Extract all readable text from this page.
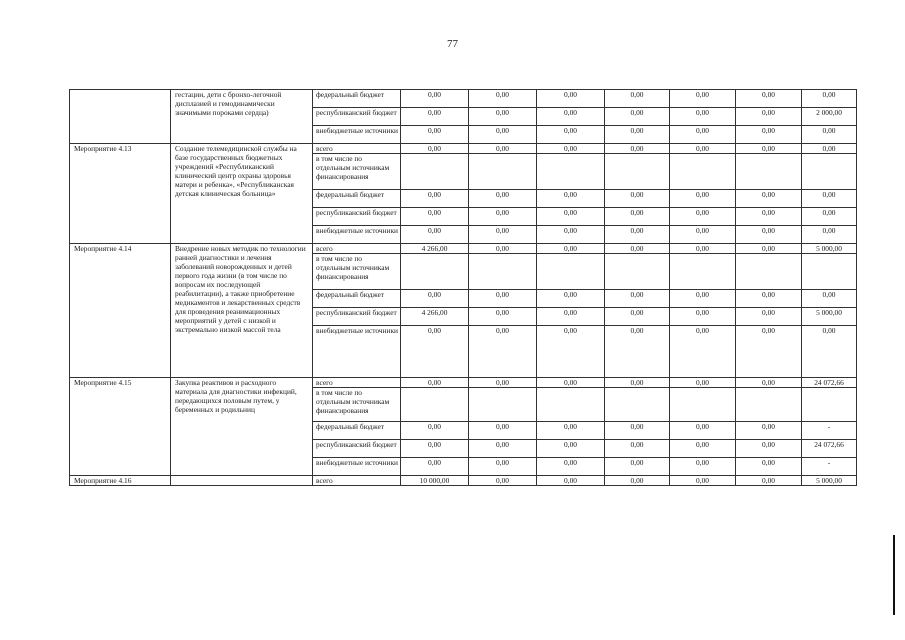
77
	гестации, дети с бронхо-легочной дисплазией и гемодинамически значимыми пороками сердца)	федеральный бюджет	0,00	0,00	0,00	0,00	0,00	0,00	0,00
		республиканский бюджет	0,00	0,00	0,00	0,00	0,00	0,00	2 000,00
		внебюджетные источники	0,00	0,00	0,00	0,00	0,00	0,00	0,00
Мероприятие 4.13	Создание телемедицинской службы на базе государственных бюджетных учреждений «Республиканский клинический центр охраны здоровья матери и ребенка», «Республиканская детская клиническая больница»	всего	0,00	0,00	0,00	0,00	0,00	0,00	0,00
		в том числе по отдельным источникам финансирования							
		федеральный бюджет	0,00	0,00	0,00	0,00	0,00	0,00	0,00
		республиканский бюджет	0,00	0,00	0,00	0,00	0,00	0,00	0,00
		внебюджетные источники	0,00	0,00	0,00	0,00	0,00	0,00	0,00
Мероприятие 4.14	Внедрение новых методик по технологии ранней диагностики и лечения заболеваний новорожденных и детей первого года жизни (в том числе по вопросам их последующей реабилитации), а также приобретение медикаментов и лекарственных средств для проведения реанимационных мероприятий у детей с низкой и экстремально низкой массой тела	всего	4 266,00	0,00	0,00	0,00	0,00	0,00	5 000,00
		в том числе по отдельным источникам финансирования							
		федеральный бюджет	0,00	0,00	0,00	0,00	0,00	0,00	0,00
		республиканский бюджет	4 266,00	0,00	0,00	0,00	0,00	0,00	5 000,00
		внебюджетные источники	0,00	0,00	0,00	0,00	0,00	0,00	0,00
Мероприятие 4.15	Закупка реактивов и расходного материала для диагностики инфекций, передающихся половым путем, у беременных и родильниц	всего	0,00	0,00	0,00	0,00	0,00	0,00	24 072,66
		в том числе по отдельным источникам финансирования							
		федеральный бюджет	0,00	0,00	0,00	0,00	0,00	0,00	-
		республиканский бюджет	0,00	0,00	0,00	0,00	0,00	0,00	24 072,66
		внебюджетные источники	0,00	0,00	0,00	0,00	0,00	0,00	-
Мероприятие 4.16		всего	10 000,00	0,00	0,00	0,00	0,00	0,00	5 000,00
